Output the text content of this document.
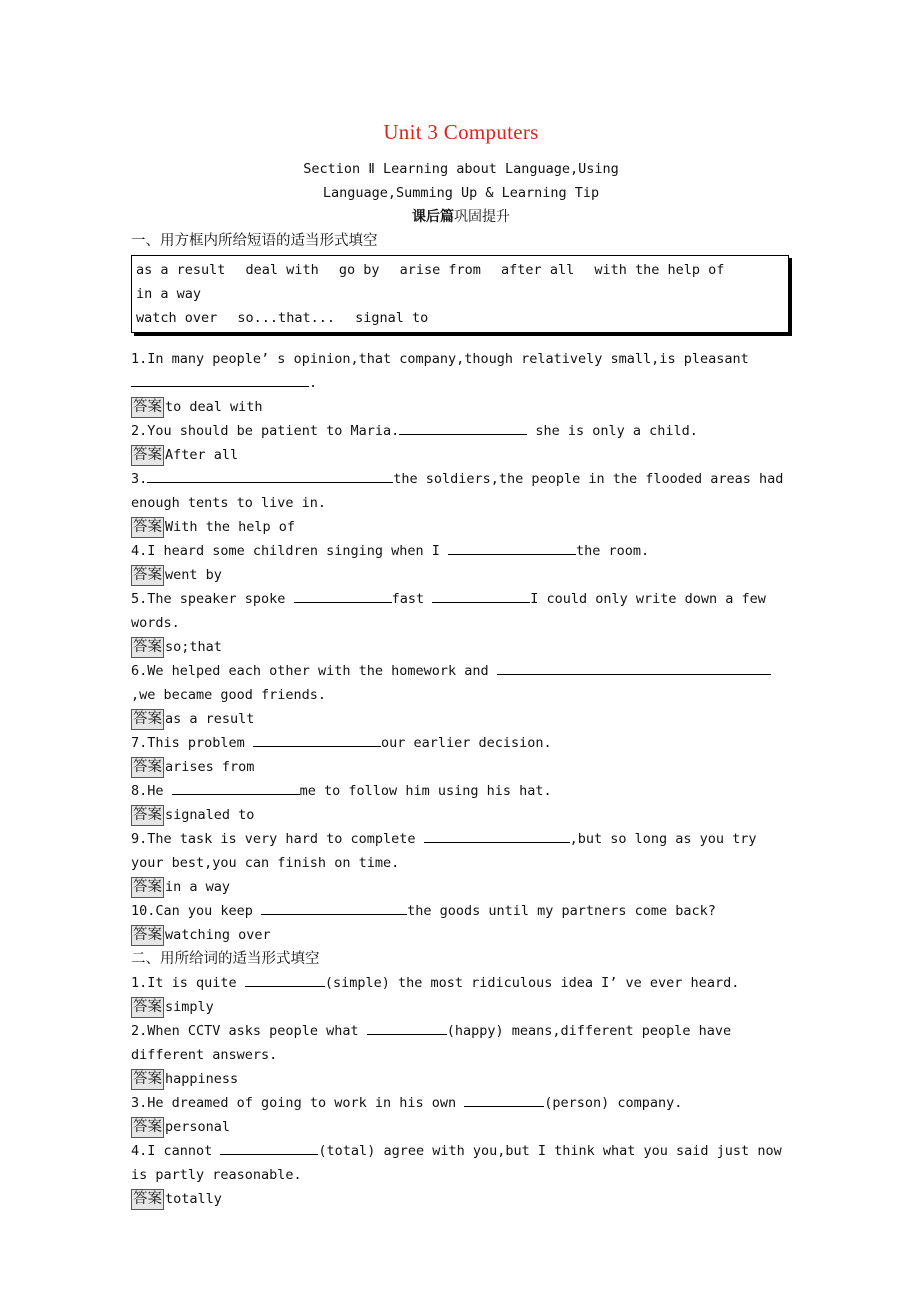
Unit 3 Computers
Section Ⅱ Learning about Language,Using
Language,Summing Up & Learning Tip
课后篇巩固提升
一、用方框内所给短语的适当形式填空
as a result deal with go by arise from after all with the help of in a way
watch over so...that... signal to
1.In many people’ s opinion,that company,though relatively small,is pleasant .
答案 to deal with
2.You should be patient to Maria.	she is only a child.
答案 After all
3.	the soldiers,the people in the flooded areas had enough tents to live in.
答案 With the help of
4.I heard some children singing when I	the room.
答案 went by
5.The speaker spoke	fast	I could only write down a few words.
答案 so;that
6.We helped each other with the homework and ,we became good friends.
答案 as a result
7.This problem	our earlier decision.
答案 arises from
8.He	me to follow him using his hat.
答案 signaled to
9.The task is very hard to complete	,but so long as you try your best,you can finish on time.
答案 in a way
10.Can you keep	the goods until my partners come back?
答案 watching over
二、用所给词的适当形式填空
1.It is quite	(simple) the most ridiculous idea I’ ve ever heard.
答案 simply
2.When CCTV asks people what	(happy) means,different people have different answers.
答案 happiness
3.He dreamed of going to work in his own	(person) company.
答案 personal
4.I cannot	(total) agree with you,but I think what you said just now is partly reasonable.
答案 totally
